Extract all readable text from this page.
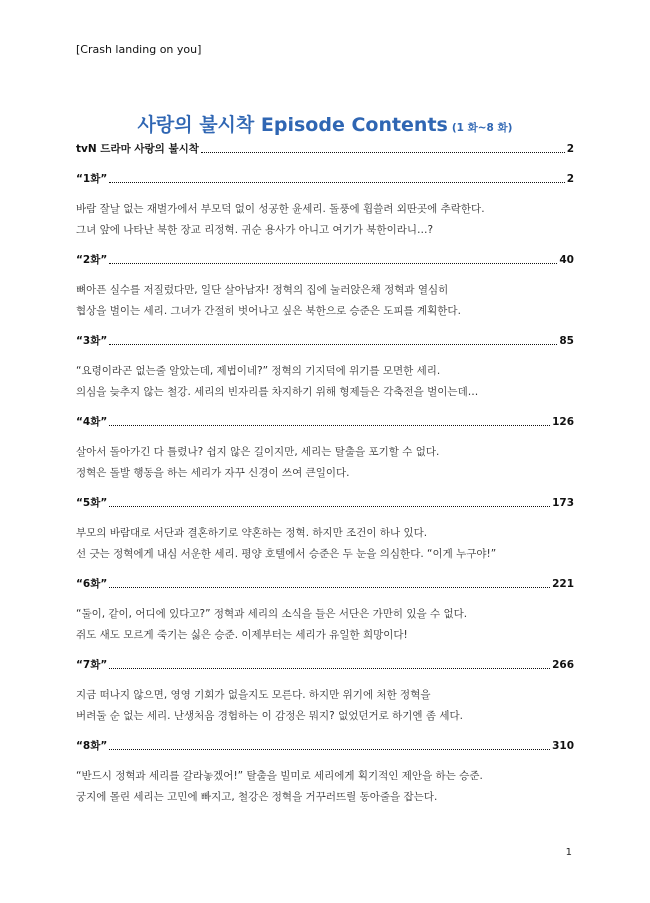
[Crash landing on you]
사랑의 불시착 Episode Contents (1 화~8 화)
tvN 드라마 사랑의 불시착	2
“1화”	2
바람 잘날 없는 재벌가에서 부모덕 없이 성공한 윤세리. 돌풍에 휩쓸려 외딴곳에 추락한다.
그녀 앞에 나타난 북한 장교 리정혁. 귀순 용사가 아니고 여기가 북한이라니…?
“2화”	40
뼈아픈 실수를 저질렀다만, 일단 살아남자! 정혁의 집에 눌러앉은채 정혁과 열심히
협상을 벌이는 세리. 그녀가 간절히 벗어나고 싶은 북한으로 승준은 도피를 계획한다.
“3화”	85
“요령이라곤 없는줄 알았는데, 제법이네?” 정혁의 기지덕에 위기를 모면한 세리.
의심을 늦추지 않는 철강. 세리의 빈자리를 차지하기 위해 형제들은 각축전을 벌이는데…
“4화”	126
살아서 돌아가긴 다 틀렸나? 쉽지 않은 길이지만, 세리는 탈출을 포기할 수 없다.
정혁은 돌발 행동을 하는 세리가 자꾸 신경이 쓰여 큰일이다.
“5화”	173
부모의 바람대로 서단과 결혼하기로 약혼하는 정혁. 하지만 조건이 하나 있다.
선 긋는 정혁에게 내심 서운한 세리. 평양 호텔에서 승준은 두 눈을 의심한다. “이게 누구야!”
“6화”	221
“둘이, 같이, 어디에 있다고?” 정혁과 세리의 소식을 들은 서단은 가만히 있을 수 없다.
쥐도 새도 모르게 죽기는 싫은 승준. 이제부터는 세리가 유일한 희망이다!
“7화”	266
지금 떠나지 않으면, 영영 기회가 없을지도 모른다. 하지만 위기에 처한 정혁을
버려둘 순 없는 세리. 난생처음 경험하는 이 감정은 뭐지? 없었던거로 하기엔 좀 세다.
“8화”	310
“반드시 정혁과 세리를 갈라놓겠어!” 탈출을 빌미로 세리에게 획기적인 제안을 하는 승준.
궁지에 몰린 세리는 고민에 빠지고, 철강은 정혁을 거꾸러뜨릴 동아줄을 잡는다.
1
